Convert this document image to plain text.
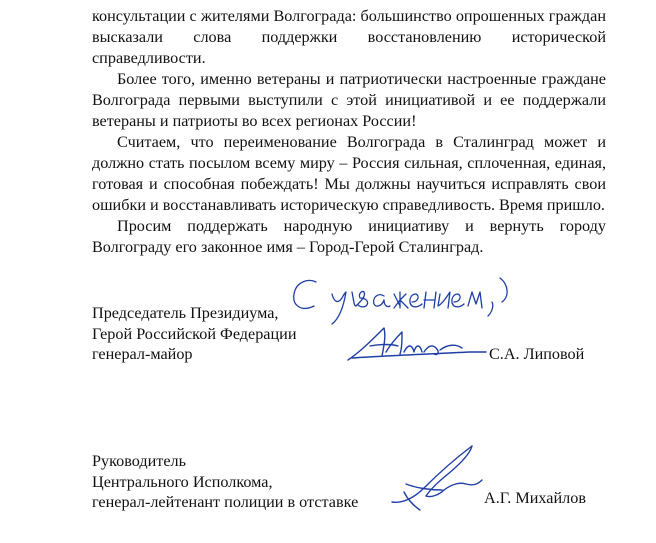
консультации с жителями Волгограда: большинство опрошенных граждан высказали слова поддержки восстановлению исторической справедливости.

Более того, именно ветераны и патриотически настроенные граждане Волгограда первыми выступили с этой инициативой и ее поддержали ветераны и патриоты во всех регионах России!

Считаем, что переименование Волгограда в Сталинград может и должно стать посылом всему миру – Россия сильная, сплоченная, единая, готовая и способная побеждать! Мы должны научиться исправлять свои ошибки и восстанавливать историческую справедливость. Время пришло.

Просим поддержать народную инициативу и вернуть городу Волгограду его законное имя – Город-Герой Сталинград.

Председатель Президиума,
Герой Российской Федерации
генерал-майор	С.А. Липовой
Руководитель
Центрального Исполкома,
генерал-лейтенант полиции в отставке	А.Г. Михайлов
